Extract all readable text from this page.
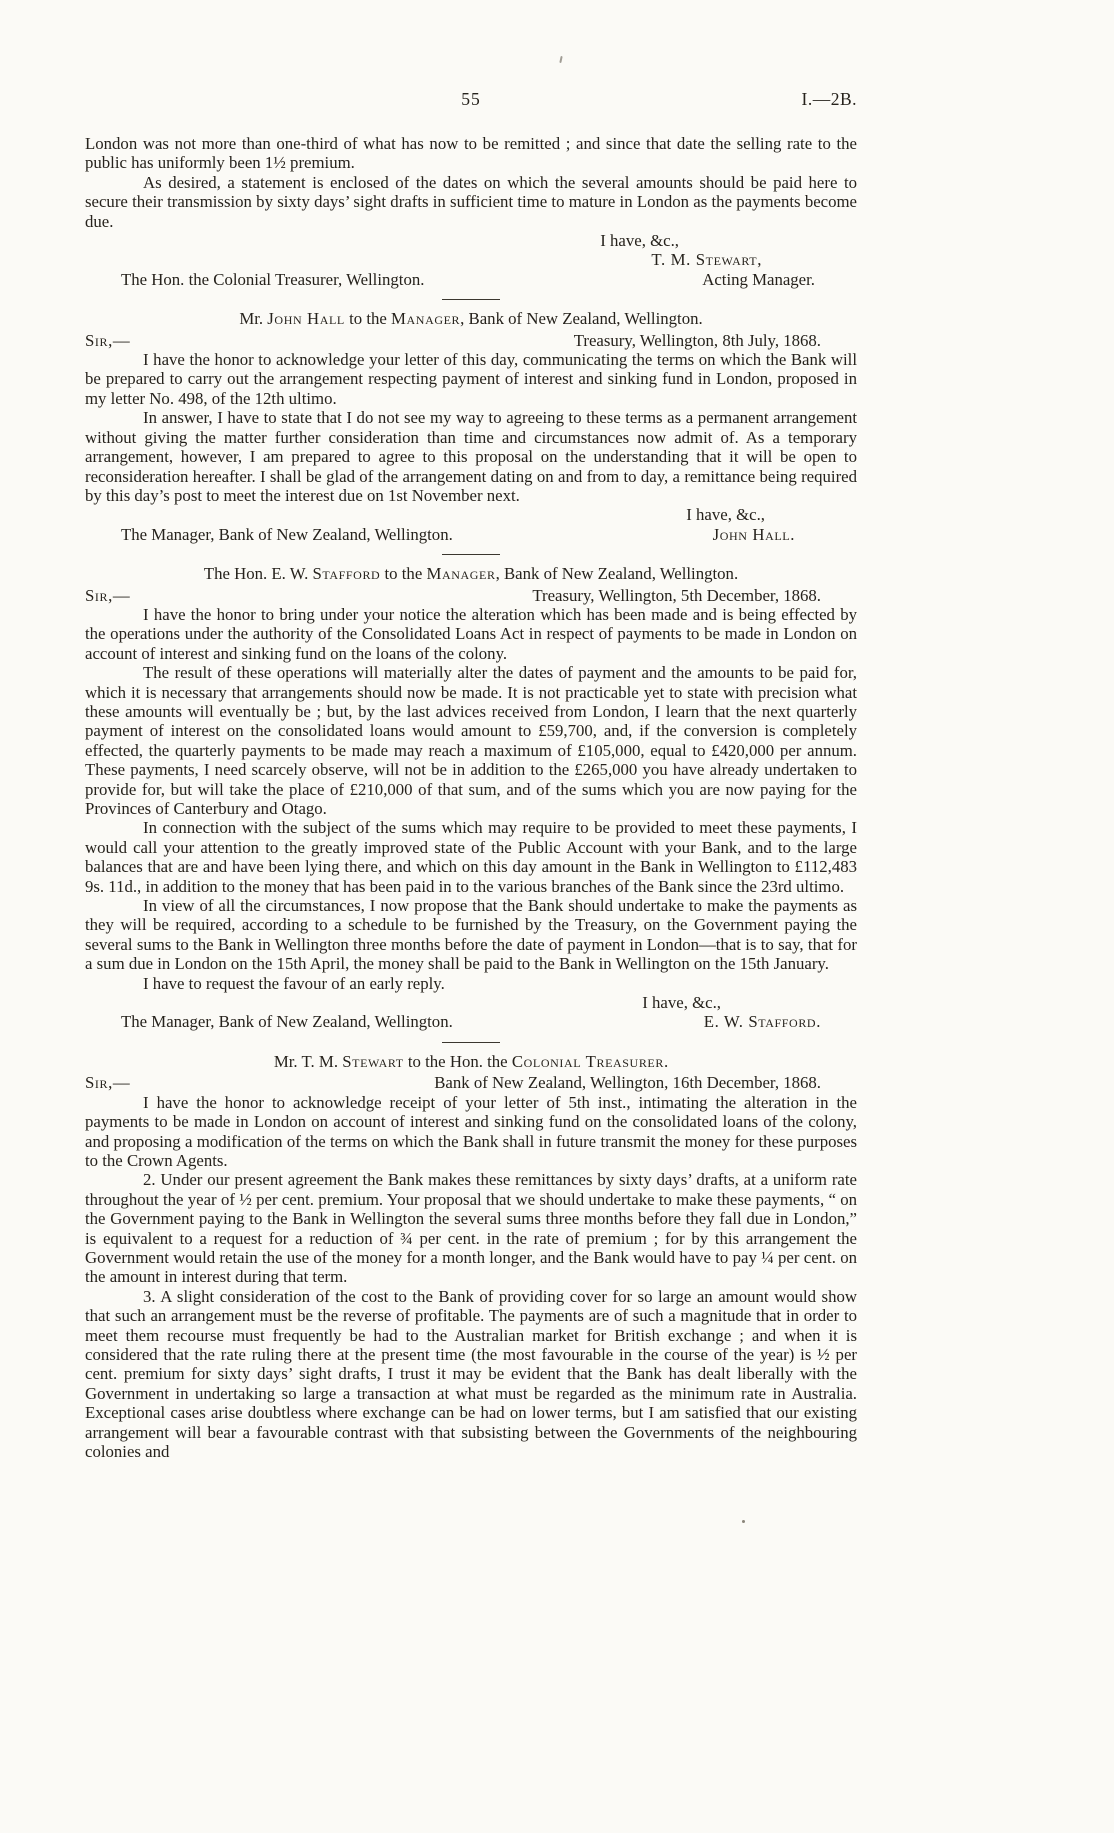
55	I.—2B.

London was not more than one-third of what has now to be remitted ; and since that date the selling rate to the public has uniformly been 1½ premium.

As desired, a statement is enclosed of the dates on which the several amounts should be paid here to secure their transmission by sixty days’ sight drafts in sufficient time to mature in London as the payments become due.

I have, &c.,
T. M. Stewart,
The Hon. the Colonial Treasurer, Wellington.	Acting Manager.
Mr. John Hall to the Manager, Bank of New Zealand, Wellington.
Sir,—	Treasury, Wellington, 8th July, 1868.

I have the honor to acknowledge your letter of this day, communicating the terms on which the Bank will be prepared to carry out the arrangement respecting payment of interest and sinking fund in London, proposed in my letter No. 498, of the 12th ultimo.

In answer, I have to state that I do not see my way to agreeing to these terms as a permanent arrangement without giving the matter further consideration than time and circumstances now admit of. As a temporary arrangement, however, I am prepared to agree to this proposal on the understanding that it will be open to reconsideration hereafter. I shall be glad of the arrangement dating on and from to day, a remittance being required by this day’s post to meet the interest due on 1st November next.

I have, &c.,
The Manager, Bank of New Zealand, Wellington.	John Hall.
The Hon. E. W. Stafford to the Manager, Bank of New Zealand, Wellington.
Sir,—	Treasury, Wellington, 5th December, 1868.

I have the honor to bring under your notice the alteration which has been made and is being effected by the operations under the authority of the Consolidated Loans Act in respect of payments to be made in London on account of interest and sinking fund on the loans of the colony.

The result of these operations will materially alter the dates of payment and the amounts to be paid for, which it is necessary that arrangements should now be made. It is not practicable yet to state with precision what these amounts will eventually be ; but, by the last advices received from London, I learn that the next quarterly payment of interest on the consolidated loans would amount to £59,700, and, if the conversion is completely effected, the quarterly payments to be made may reach a maximum of £105,000, equal to £420,000 per annum. These payments, I need scarcely observe, will not be in addition to the £265,000 you have already undertaken to provide for, but will take the place of £210,000 of that sum, and of the sums which you are now paying for the Provinces of Canterbury and Otago.

In connection with the subject of the sums which may require to be provided to meet these payments, I would call your attention to the greatly improved state of the Public Account with your Bank, and to the large balances that are and have been lying there, and which on this day amount in the Bank in Wellington to £112,483 9s. 11d., in addition to the money that has been paid in to the various branches of the Bank since the 23rd ultimo.

In view of all the circumstances, I now propose that the Bank should undertake to make the payments as they will be required, according to a schedule to be furnished by the Treasury, on the Government paying the several sums to the Bank in Wellington three months before the date of payment in London—that is to say, that for a sum due in London on the 15th April, the money shall be paid to the Bank in Wellington on the 15th January.

I have to request the favour of an early reply.

I have, &c.,
The Manager, Bank of New Zealand, Wellington.	E. W. Stafford.
Mr. T. M. Stewart to the Hon. the Colonial Treasurer.
Sir,—	Bank of New Zealand, Wellington, 16th December, 1868.

I have the honor to acknowledge receipt of your letter of 5th inst., intimating the alteration in the payments to be made in London on account of interest and sinking fund on the consolidated loans of the colony, and proposing a modification of the terms on which the Bank shall in future transmit the money for these purposes to the Crown Agents.

2. Under our present agreement the Bank makes these remittances by sixty days’ drafts, at a uniform rate throughout the year of ½ per cent. premium. Your proposal that we should undertake to make these payments, “ on the Government paying to the Bank in Wellington the several sums three months before they fall due in London,” is equivalent to a request for a reduction of ¾ per cent. in the rate of premium ; for by this arrangement the Government would retain the use of the money for a month longer, and the Bank would have to pay ¼ per cent. on the amount in interest during that term.

3. A slight consideration of the cost to the Bank of providing cover for so large an amount would show that such an arrangement must be the reverse of profitable. The payments are of such a magnitude that in order to meet them recourse must frequently be had to the Australian market for British exchange ; and when it is considered that the rate ruling there at the present time (the most favourable in the course of the year) is ½ per cent. premium for sixty days’ sight drafts, I trust it may be evident that the Bank has dealt liberally with the Government in undertaking so large a transaction at what must be regarded as the minimum rate in Australia. Exceptional cases arise doubtless where exchange can be had on lower terms, but I am satisfied that our existing arrangement will bear a favourable contrast with that subsisting between the Governments of the neighbouring colonies and
